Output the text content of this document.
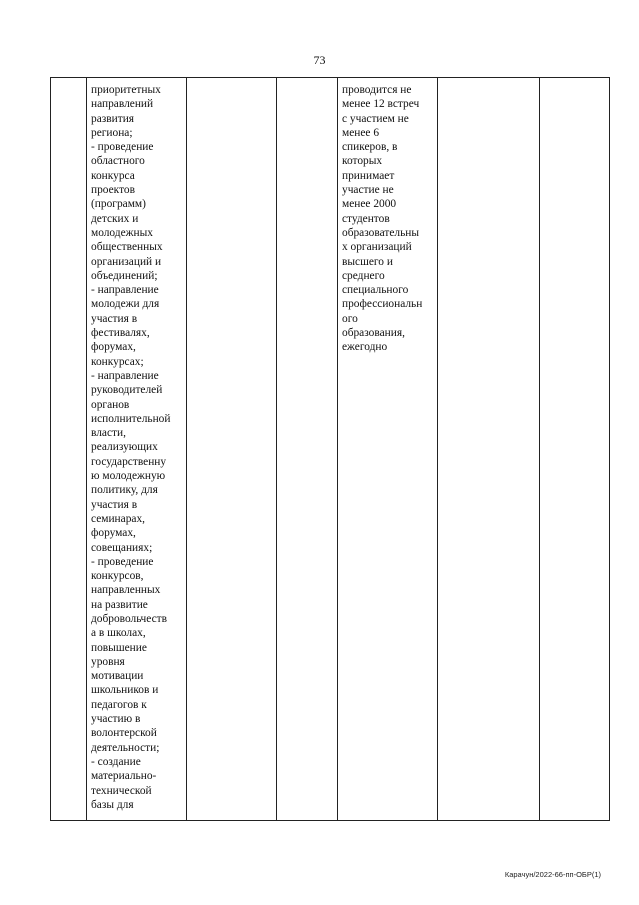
73
приоритетных
направлений
развития
региона;
- проведение
областного
конкурса
проектов
(программ)
детских и
молодежных
общественных
организаций и
объединений;
- направление
молодежи для
участия в
фестивалях,
форумах,
конкурсах;
- направление
руководителей
органов
исполнительной
власти,
реализующих
государственну
ю молодежную
политику, для
участия в
семинарах,
форумах,
совещаниях;
- проведение
конкурсов,
направленных
на развитие
добровольчеств
а в школах,
повышение
уровня
мотивации
школьников и
педагогов к
участию в
волонтерской
деятельности;
- создание
материально-
технической
базы для
проводится не
менее 12 встреч
с участием не
менее 6
спикеров, в
которых
принимает
участие не
менее 2000
студентов
образовательны
х организаций
высшего и
среднего
специального
профессиональн
ого
образования,
ежегодно
Карачун/2022-66-пп-ОБР(1)
